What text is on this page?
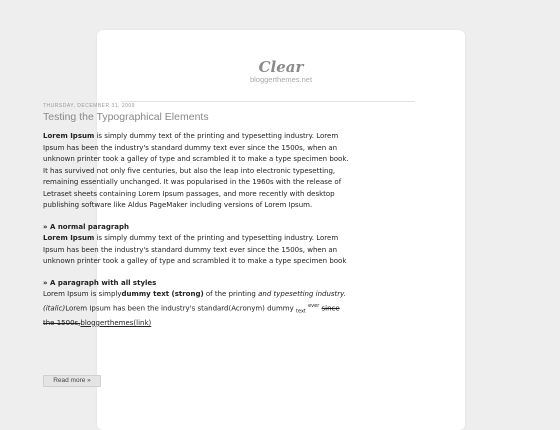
Clear
bloggerthemes.net
THURSDAY, DECEMBER 31, 2009
Testing the Typographical Elements

Lorem Ipsum is simply dummy text of the printing and typesetting industry. Lorem Ipsum has been the industry's standard dummy text ever since the 1500s, when an unknown printer took a galley of type and scrambled it to make a type specimen book. It has survived not only five centuries, but also the leap into electronic typesetting, remaining essentially unchanged. It was popularised in the 1960s with the release of Letraset sheets containing Lorem Ipsum passages, and more recently with desktop publishing software like Aldus PageMaker including versions of Lorem Ipsum.

» A normal paragraph

Lorem Ipsum is simply dummy text of the printing and typesetting industry. Lorem Ipsum has been the industry's standard dummy text ever since the 1500s, when an unknown printer took a galley of type and scrambled it to make a type specimen book

» A paragraph with all styles

Lorem Ipsum is simplydummy text (strong) of the printing and typesetting industry.(italic)Lorem Ipsum has been the industry's standard(Acronym) dummy $_{text}$ $^{ever}$ since the 1500s,bloggerthemes(link)

Read more »
